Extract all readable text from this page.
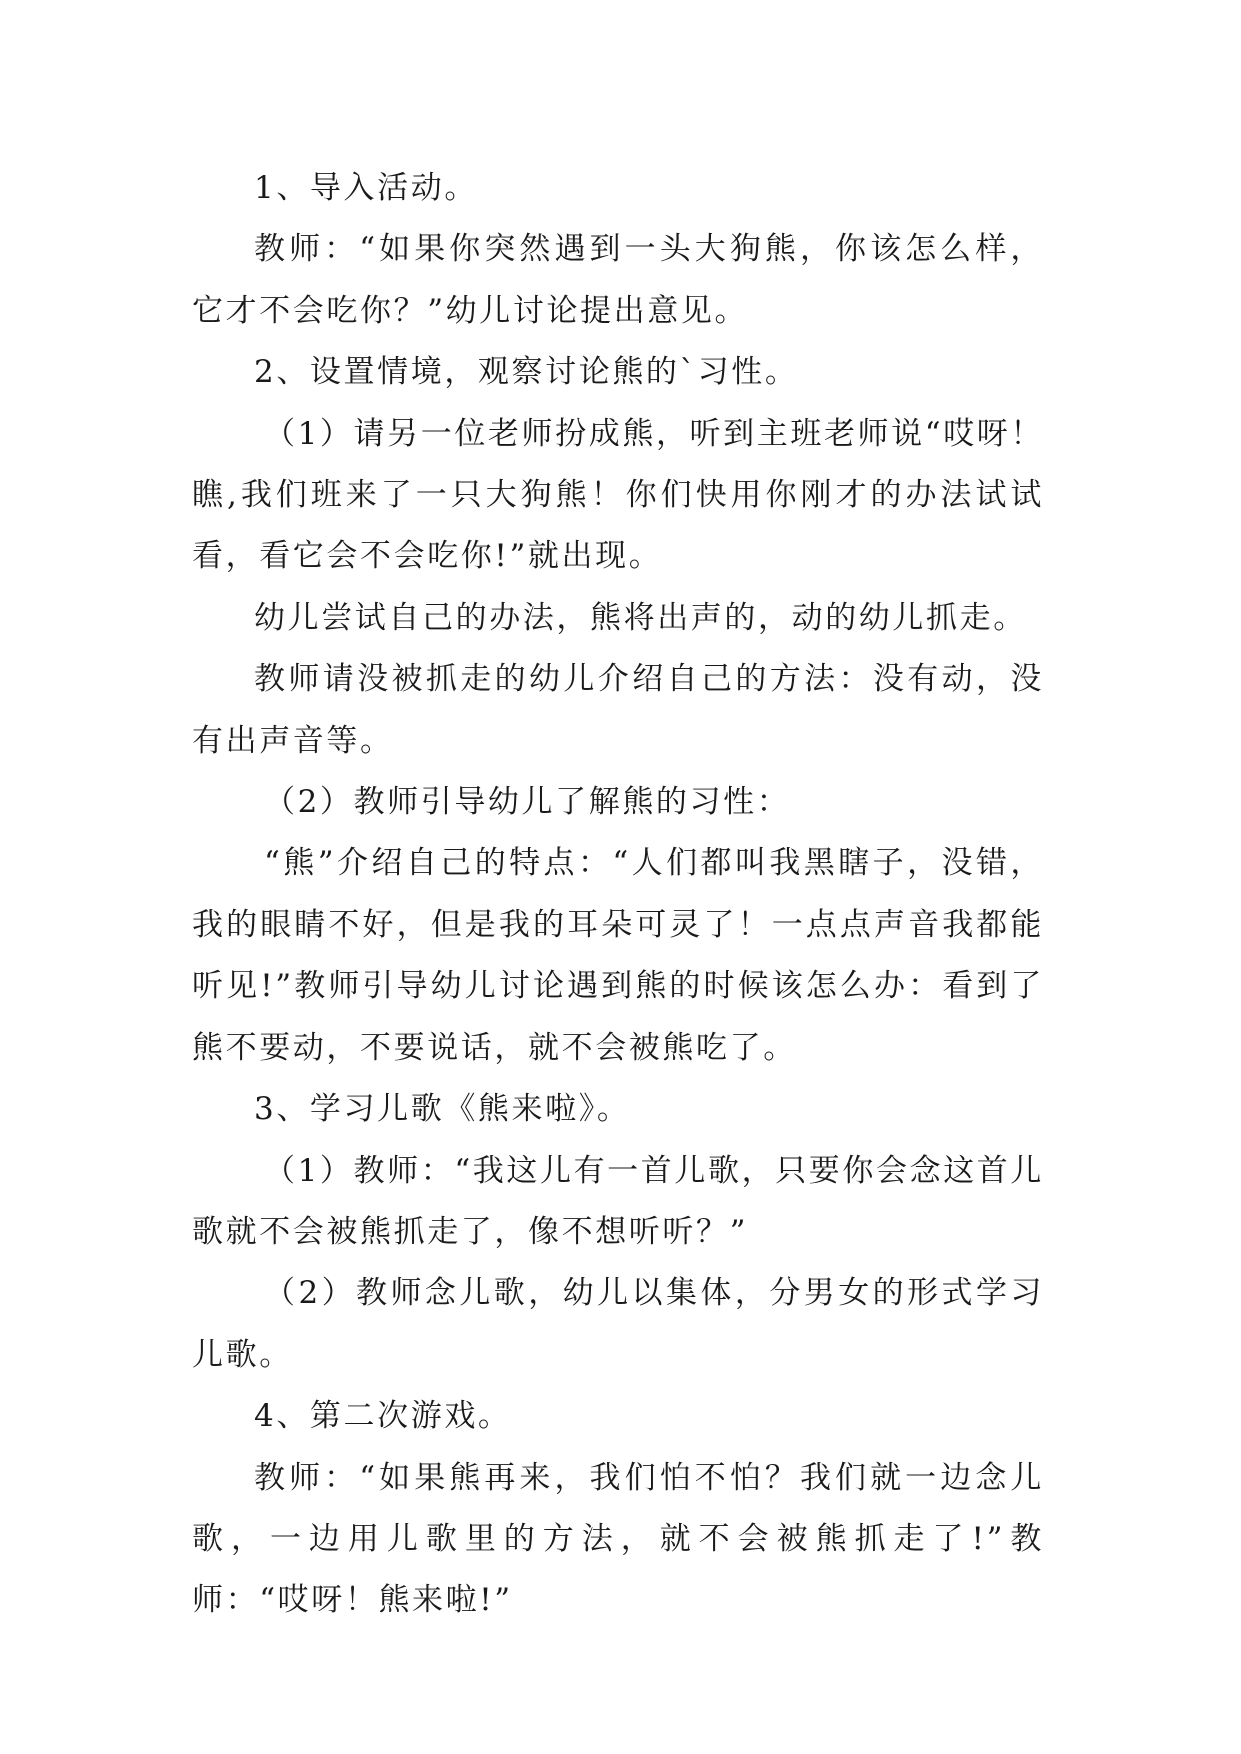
1、导入活动。

教师：“如果你突然遇到一头大狗熊，你该怎么样，它才不会吃你？”幼儿讨论提出意见。

2、设置情境，观察讨论熊的`习性。

（1）请另一位老师扮成熊，听到主班老师说“哎呀！瞧,我们班来了一只大狗熊！你们快用你刚才的办法试试看，看它会不会吃你!”就出现。

幼儿尝试自己的办法，熊将出声的，动的幼儿抓走。

教师请没被抓走的幼儿介绍自己的方法：没有动，没有出声音等。

（2）教师引导幼儿了解熊的习性：

“熊”介绍自己的特点：“人们都叫我黑瞎子，没错，我的眼睛不好，但是我的耳朵可灵了！一点点声音我都能听见!”教师引导幼儿讨论遇到熊的时候该怎么办：看到了熊不要动，不要说话，就不会被熊吃了。

3、学习儿歌《熊来啦》。

（1）教师：“我这儿有一首儿歌，只要你会念这首儿歌就不会被熊抓走了，像不想听听？”

（2）教师念儿歌，幼儿以集体，分男女的形式学习儿歌。

4、第二次游戏。

教师：“如果熊再来，我们怕不怕？我们就一边念儿歌，一边用儿歌里的方法，就不会被熊抓走了!”教师：“哎呀！熊来啦!”
